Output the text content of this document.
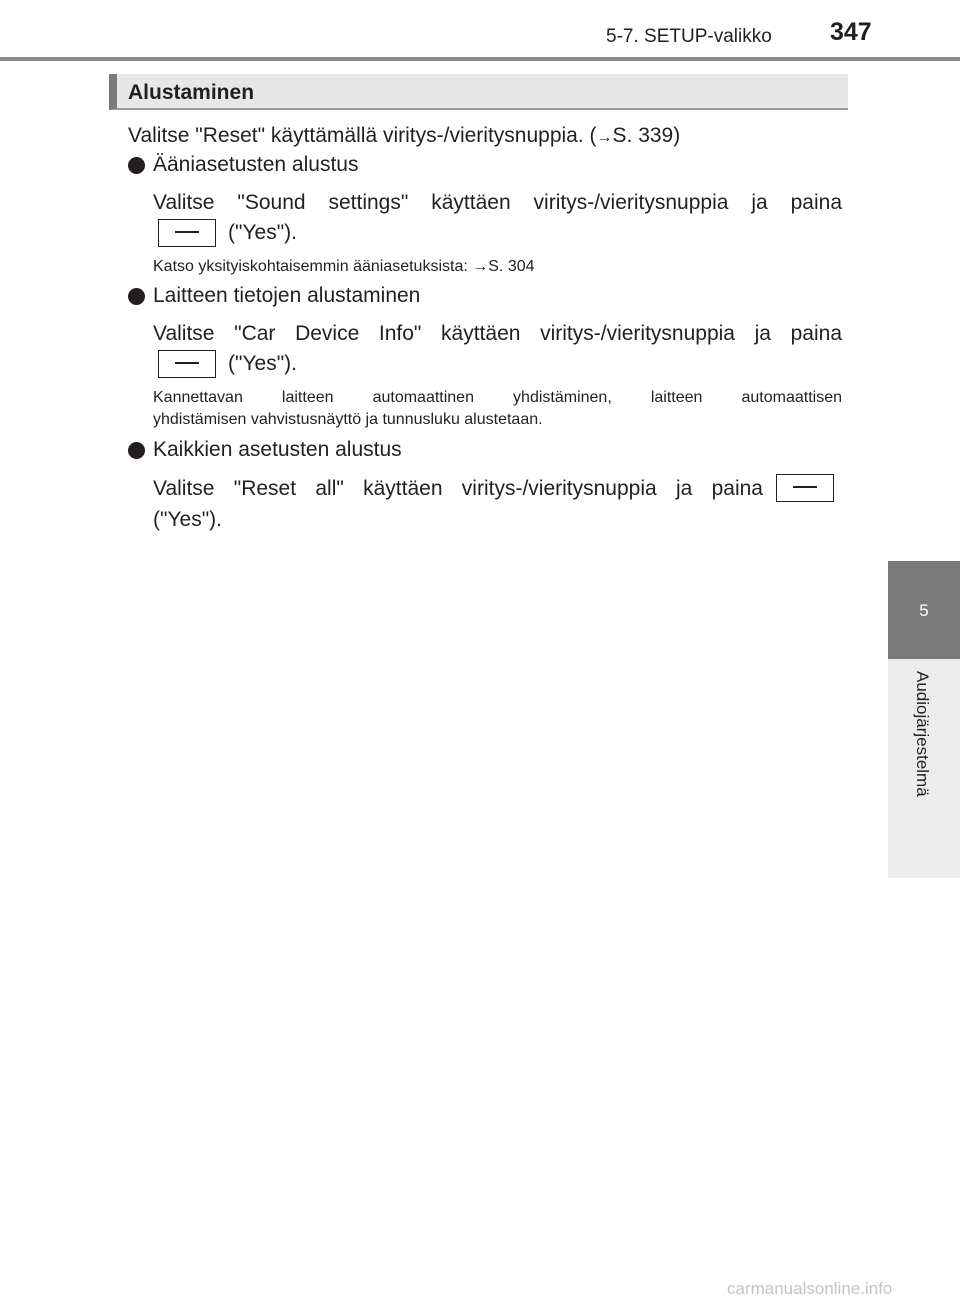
5-7. SETUP-valikko 347
5
Audiojärjestelmä
Alustaminen
Valitse "Reset" käyttämällä viritys-/vieritysnuppia. (→S. 339)
Ääniasetusten alustus
Valitse "Sound settings" käyttäen viritys-/vieritysnuppia ja paina
("Yes").
Katso yksityiskohtaisemmin ääniasetuksista: →S. 304
Laitteen tietojen alustaminen
Valitse "Car Device Info" käyttäen viritys-/vieritysnuppia ja paina
("Yes").
Kannettavan laitteen automaattinen yhdistäminen, laitteen automaattisen
yhdistämisen vahvistusnäyttö ja tunnusluku alustetaan.
Kaikkien asetusten alustus
Valitse "Reset all" käyttäen viritys-/vieritysnuppia ja paina
("Yes").
carmanualsonline.info
